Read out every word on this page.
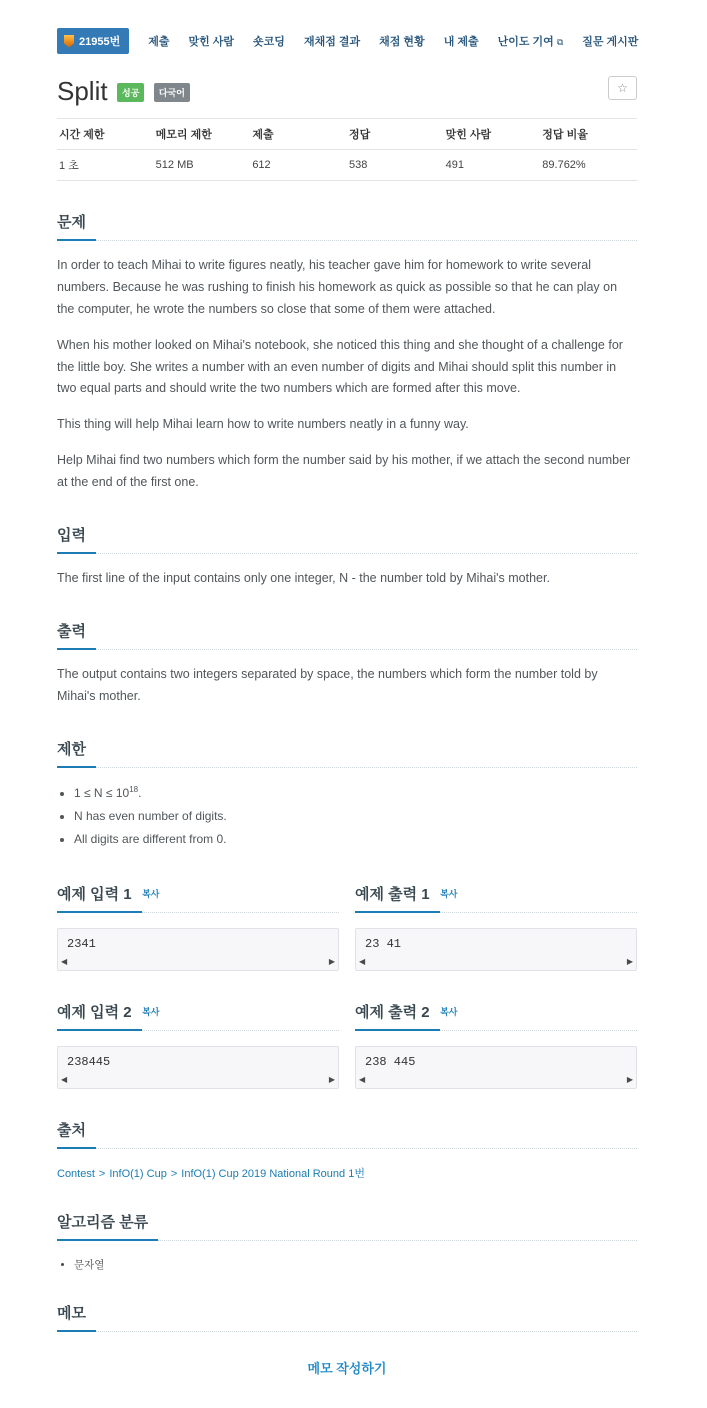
21955번	제출 맞힌 사람 숏코딩 재채점 결과 채점 현황 내 제출 난이도 기여 ⧉ 질문 게시판
Split 성공 다국어	☆
시간 제한	메모리 제한	제출	정답	맞힌 사람	정답 비율
1 초	512 MB	612	538	491	89.762%
문제

In order to teach Mihai to write figures neatly, his teacher gave him for homework to write several numbers. Because he was rushing to finish his homework as quick as possible so that he can play on the computer, he wrote the numbers so close that some of them were attached.

When his mother looked on Mihai's notebook, she noticed this thing and she thought of a challenge for the little boy. She writes a number with an even number of digits and Mihai should split this number in two equal parts and should write the two numbers which are formed after this move.

This thing will help Mihai learn how to write numbers neatly in a funny way.

Help Mihai find two numbers which form the number said by his mother, if we attach the second number at the end of the first one.

입력

The first line of the input contains only one integer, N - the number told by Mihai's mother.

출력

The output contains two integers separated by space, the numbers which form the number told by Mihai's mother.

제한
• $1 \le N \le 10^{18}$.
• N has even number of digits.
• All digits are different from 0.
예제 입력 1 복사
2341
◀	▶
예제 출력 1 복사
23 41
◀	▶
예제 입력 2 복사
238445
◀	▶
예제 출력 2 복사
238 445
◀	▶
출처
Contest > InfO(1) Cup > InfO(1) Cup 2019 National Round 1번
알고리즘 분류
• 문자열
메모
메모 작성하기
